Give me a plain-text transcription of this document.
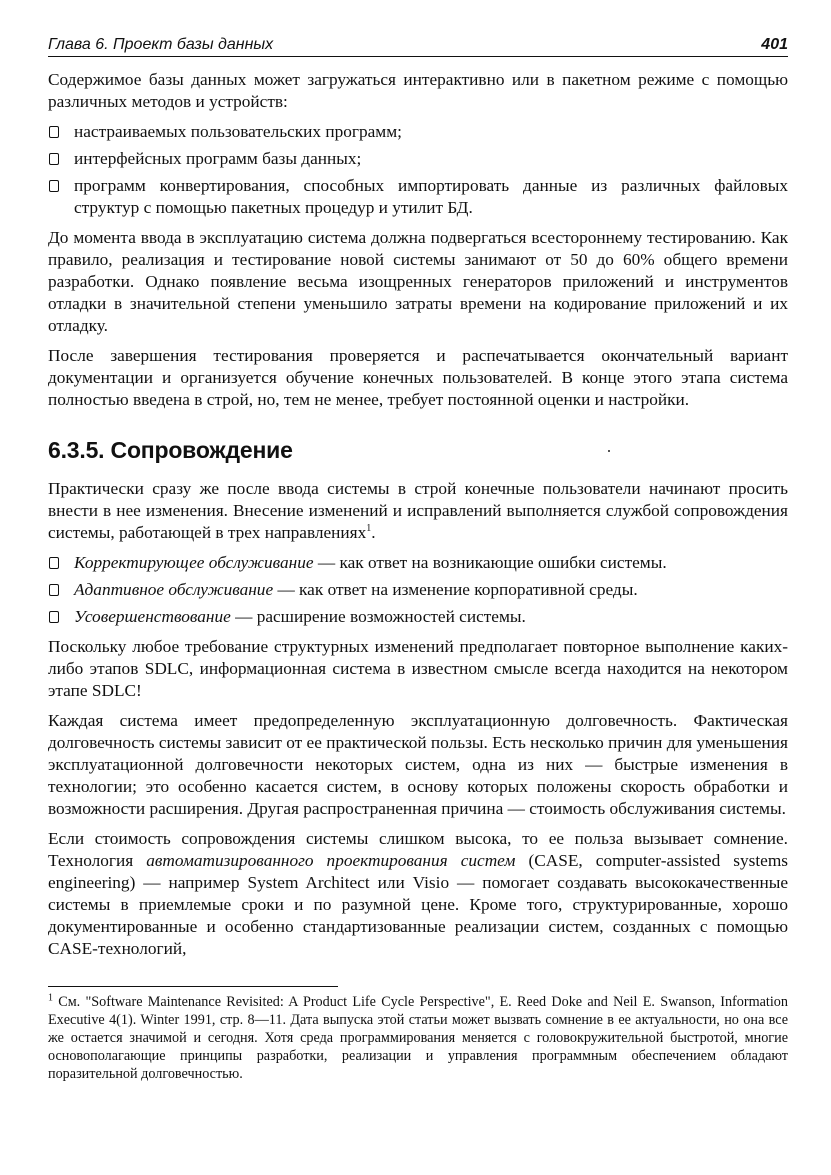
Глава 6. Проект базы данных	401

Содержимое базы данных может загружаться интерактивно или в пакетном режиме с помощью различных методов и устройств:

настраиваемых пользовательских программ;
интерфейсных программ базы данных;
программ конвертирования, способных импортировать данные из различных файловых структур с помощью пакетных процедур и утилит БД.

До момента ввода в эксплуатацию система должна подвергаться всестороннему тестированию. Как правило, реализация и тестирование новой системы занимают от 50 до 60% общего времени разработки. Однако появление весьма изощренных генераторов приложений и инструментов отладки в значительной степени уменьшило затраты времени на кодирование приложений и их отладку.

После завершения тестирования проверяется и распечатывается окончательный вариант документации и организуется обучение конечных пользователей. В конце этого этапа система полностью введена в строй, но, тем не менее, требует постоянной оценки и настройки.

6.3.5. Сопровождение

Практически сразу же после ввода системы в строй конечные пользователи начинают просить внести в нее изменения. Внесение изменений и исправлений выполняется службой сопровождения системы, работающей в трех направлениях$^1$.

Корректирующее обслуживание — как ответ на возникающие ошибки системы.
Адаптивное обслуживание — как ответ на изменение корпоративной среды.
Усовершенствование — расширение возможностей системы.

Поскольку любое требование структурных изменений предполагает повторное выполнение каких-либо этапов SDLC, информационная система в известном смысле всегда находится на некотором этапе SDLC!

Каждая система имеет предопределенную эксплуатационную долговечность. Фактическая долговечность системы зависит от ее практической пользы. Есть несколько причин для уменьшения эксплуатационной долговечности некоторых систем, одна из них — быстрые изменения в технологии; это особенно касается систем, в основу которых положены скорость обработки и возможности расширения. Другая распространенная причина — стоимость обслуживания системы.

Если стоимость сопровождения системы слишком высока, то ее польза вызывает сомнение. Технология автоматизированного проектирования систем (CASE, computer-assisted systems engineering) — например System Architect или Visio — помогает создавать высококачественные системы в приемлемые сроки и по разумной цене. Кроме того, структурированные, хорошо документированные и особенно стандартизованные реализации систем, созданных с помощью CASE-технологий,

$^1$ См. "Software Maintenance Revisited: A Product Life Cycle Perspective", E. Reed Doke and Neil E. Swanson, Information Executive 4(1). Winter 1991, стр. 8—11. Дата выпуска этой статьи может вызвать сомнение в ее актуальности, но она все же остается значимой и сегодня. Хотя среда программирования меняется с головокружительной быстротой, многие основополагающие принципы разработки, реализации и управления программным обеспечением обладают поразительной долговечностью.
